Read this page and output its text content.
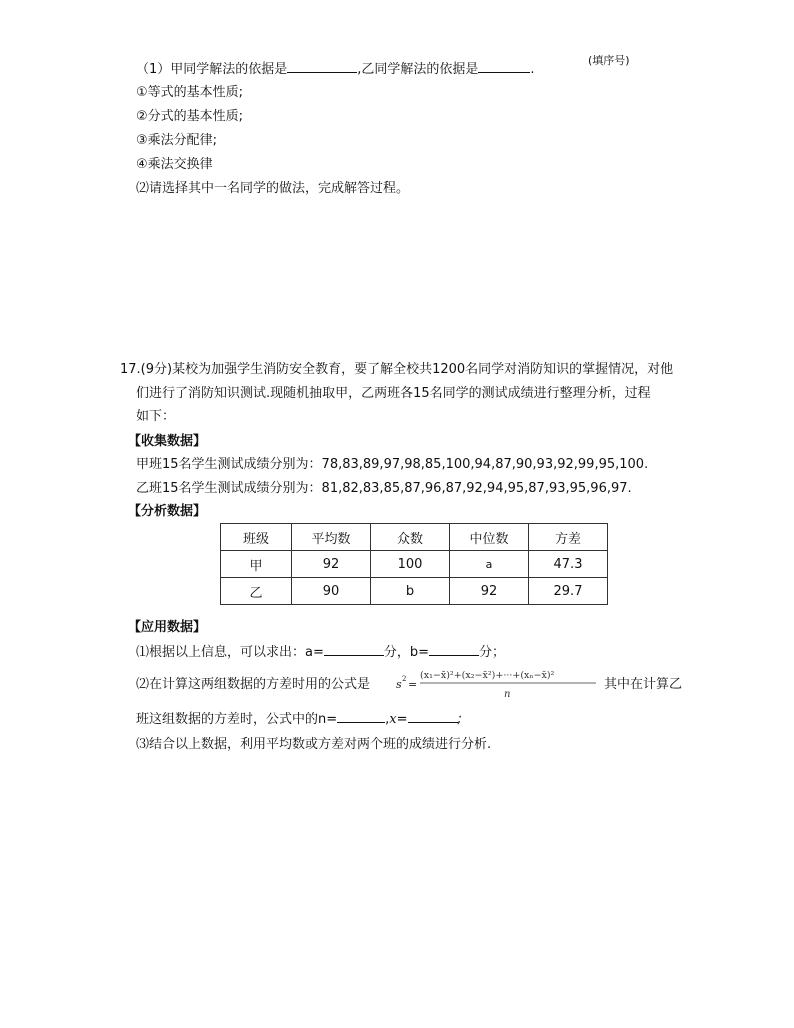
（1）甲同学解法的依据是	,乙同学解法的依据是	.
(填序号)
①等式的基本性质;
②分式的基本性质;
③乘法分配律;
④乘法交换律
⑵请选择其中一名同学的做法，完成解答过程。
17.(9分)某校为加强学生消防安全教育，要了解全校共1200名同学对消防知识的掌握情况，对他
们进行了消防知识测试.现随机抽取甲，乙两班各15名同学的测试成绩进行整理分析，过程
如下：
【收集数据】
甲班15名学生测试成绩分别为：78,83,89,97,98,85,100,94,87,90,93,92,99,95,100.
乙班15名学生测试成绩分别为：81,82,83,85,87,96,87,92,94,95,87,93,95,96,97.
【分析数据】
班级	平均数	众数	中位数	方差
甲	92	100	a	47.3
乙	90	b	92	29.7
【应用数据】
⑴根据以上信息，可以求出：a=	分，b=	分；
⑵在计算这两组数据的方差时用的公式是 s 2 =
(x₁−x̄)²+(x₂−x̄²)+···+(xₙ−x̄)²
n
其中在计算乙
班这组数据的方差时，公式中的n=	,x=	;
⑶结合以上数据，利用平均数或方差对两个班的成绩进行分析.
